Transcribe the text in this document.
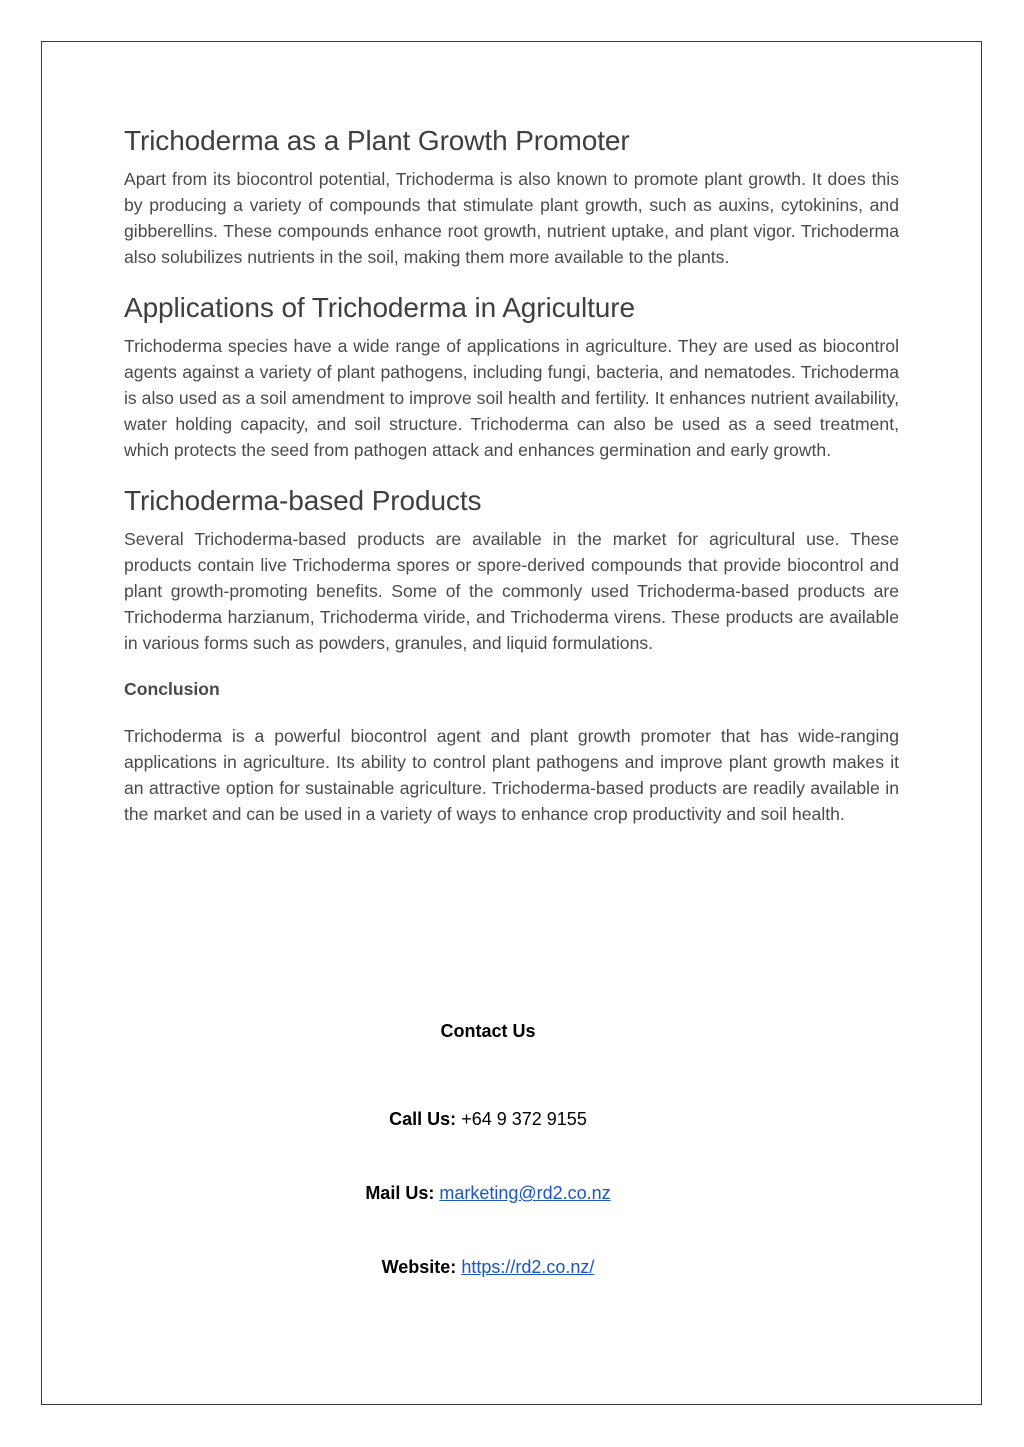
Trichoderma as a Plant Growth Promoter

Apart from its biocontrol potential, Trichoderma is also known to promote plant growth. It does this by producing a variety of compounds that stimulate plant growth, such as auxins, cytokinins, and gibberellins. These compounds enhance root growth, nutrient uptake, and plant vigor. Trichoderma also solubilizes nutrients in the soil, making them more available to the plants.

Applications of Trichoderma in Agriculture

Trichoderma species have a wide range of applications in agriculture. They are used as biocontrol agents against a variety of plant pathogens, including fungi, bacteria, and nematodes. Trichoderma is also used as a soil amendment to improve soil health and fertility. It enhances nutrient availability, water holding capacity, and soil structure. Trichoderma can also be used as a seed treatment, which protects the seed from pathogen attack and enhances germination and early growth.

Trichoderma-based Products

Several Trichoderma-based products are available in the market for agricultural use. These products contain live Trichoderma spores or spore-derived compounds that provide biocontrol and plant growth-promoting benefits. Some of the commonly used Trichoderma-based products are Trichoderma harzianum, Trichoderma viride, and Trichoderma virens. These products are available in various forms such as powders, granules, and liquid formulations.

Conclusion

Trichoderma is a powerful biocontrol agent and plant growth promoter that has wide-ranging applications in agriculture. Its ability to control plant pathogens and improve plant growth makes it an attractive option for sustainable agriculture. Trichoderma-based products are readily available in the market and can be used in a variety of ways to enhance crop productivity and soil health.

Contact Us
Call Us: +64 9 372 9155
Mail Us: marketing@rd2.co.nz
Website: https://rd2.co.nz/
